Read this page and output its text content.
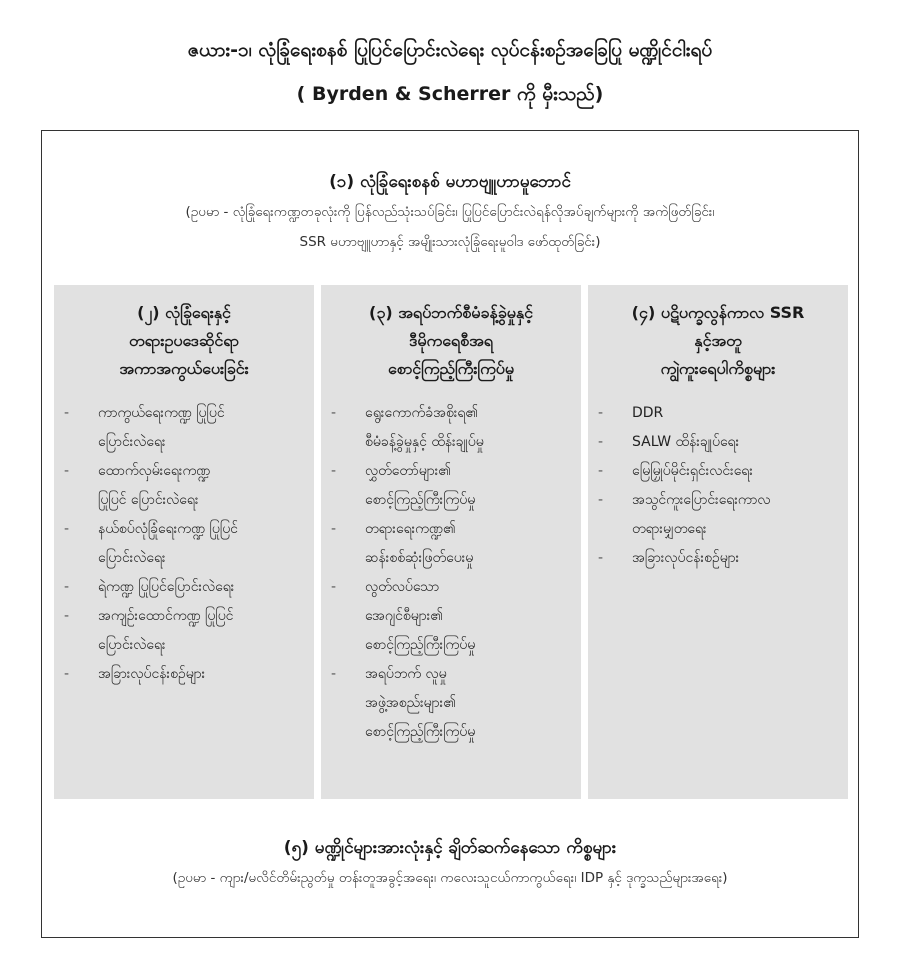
ဇယား-၁၊ လုံခြုံရေးစနစ် ပြုပြင်ပြောင်းလဲရေး လုပ်ငန်းစဉ်အခြေပြု မဏ္ဍိုင်ငါးရပ်
( Byrden & Scherrer ကို မှီးသည်)
(၁) လုံခြုံရေးစနစ် မဟာဗျူဟာမူဘောင်
(ဥပမာ - လုံခြုံရေးကဏ္ဍတခုလုံးကို ပြန်လည်သုံးသပ်ခြင်း၊ ပြုပြင်ပြောင်းလဲရန်လိုအပ်ချက်များကို အကဲဖြတ်ခြင်း၊
SSR မဟာဗျူဟာနှင့် အမျိုးသားလုံခြုံရေးမူဝါဒ ဖော်ထုတ်ခြင်း)
(၂) လုံခြုံရေးနှင့်
တရားဥပဒေဆိုင်ရာ
အကာအကွယ်ပေးခြင်း
- ကာကွယ်ရေးကဏ္ဍ ပြုပြင်
ပြောင်းလဲရေး
- ထောက်လှမ်းရေးကဏ္ဍ
ပြုပြင် ပြောင်းလဲရေး
- နယ်စပ်လုံခြုံရေးကဏ္ဍ ပြုပြင်
ပြောင်းလဲရေး
- ရဲကဏ္ဍ ပြုပြင်ပြောင်းလဲရေး
- အကျဉ်းထောင်ကဏ္ဍ ပြုပြင်
ပြောင်းလဲရေး
- အခြားလုပ်ငန်းစဉ်များ
(၃) အရပ်ဘက်စီမံခန့်ခွဲမှုနှင့်
ဒီမိုကရေစီအရ
စောင့်ကြည့်ကြီးကြပ်မှု
- ရွေးကောက်ခံအစိုးရ၏
စီမံခန့်ခွဲမှုနှင့် ထိန်းချုပ်မှု
- လွှတ်တော်များ၏
စောင့်ကြည့်ကြီးကြပ်မှု
- တရားရေးကဏ္ဍ၏
ဆန်းစစ်ဆုံးဖြတ်ပေးမှု
- လွတ်လပ်သော
အေဂျင်စီများ၏
စောင့်ကြည့်ကြီးကြပ်မှု
- အရပ်ဘက် လူမှု
အဖွဲ့အစည်းများ၏
စောင့်ကြည့်ကြီးကြပ်မှု
(၄) ပဋိပက္ခလွန်ကာလ SSR
နှင့်အတူ
ကျွဲကူးရေပါကိစ္စများ
- DDR
- SALW ထိန်းချုပ်ရေး
- မြေမြှုပ်မိုင်းရှင်းလင်းရေး
- အသွင်ကူးပြောင်းရေးကာလ
တရားမျှတရေး
- အခြားလုပ်ငန်းစဉ်များ
(၅) မဏ္ဍိုင်များအားလုံးနှင့် ချိတ်ဆက်နေသော ကိစ္စများ
(ဥပမာ - ကျား/မလိင်တိမ်းညွတ်မှု တန်းတူအခွင့်အရေး၊ ကလေးသူငယ်ကာကွယ်ရေး၊ IDP နှင့် ဒုက္ခသည်များအရေး)
